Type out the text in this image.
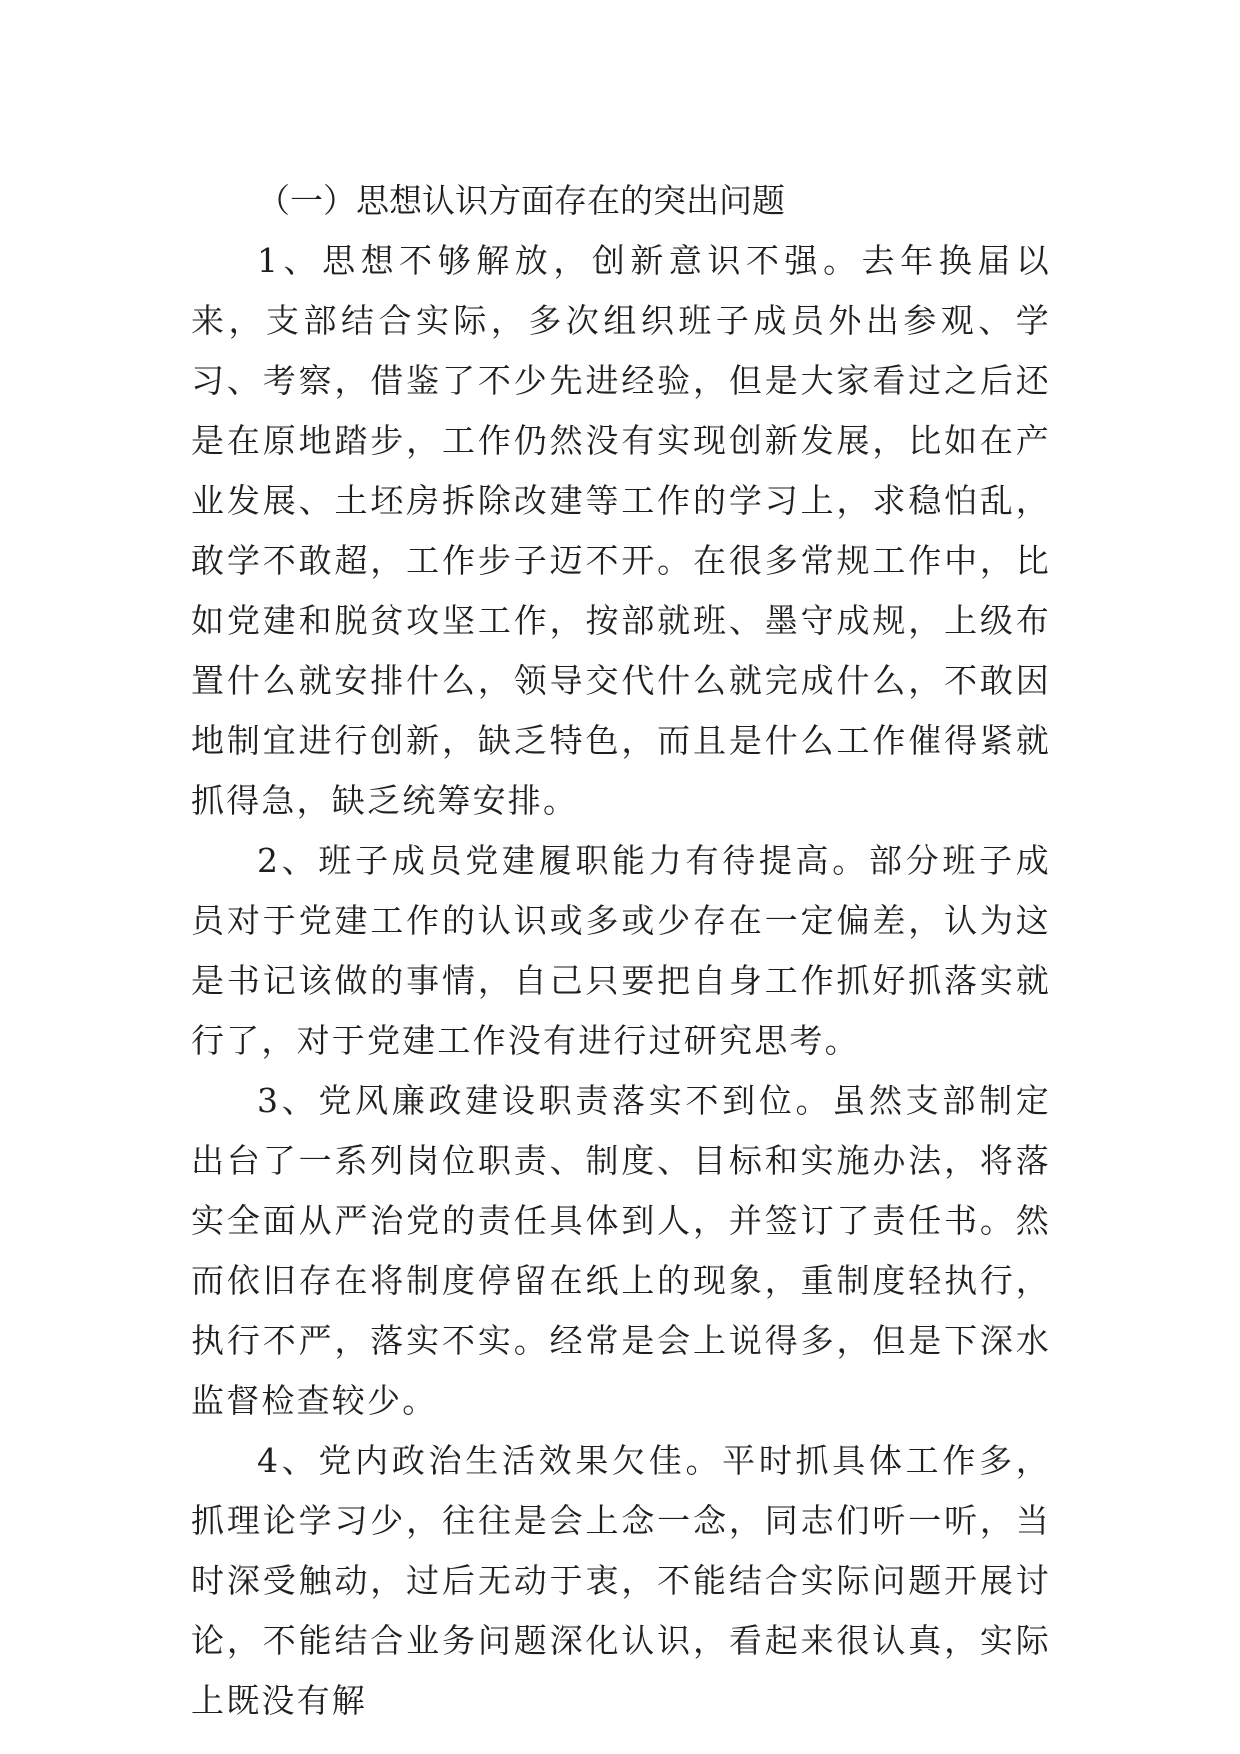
（一）思想认识方面存在的突出问题

1、思想不够解放，创新意识不强。去年换届以来，支部结合实际，多次组织班子成员外出参观、学习、考察，借鉴了不少先进经验，但是大家看过之后还是在原地踏步，工作仍然没有实现创新发展，比如在产业发展、土坯房拆除改建等工作的学习上，求稳怕乱，敢学不敢超，工作步子迈不开。在很多常规工作中，比如党建和脱贫攻坚工作，按部就班、墨守成规，上级布置什么就安排什么，领导交代什么就完成什么，不敢因地制宜进行创新，缺乏特色，而且是什么工作催得紧就抓得急，缺乏统筹安排。

2、班子成员党建履职能力有待提高。部分班子成员对于党建工作的认识或多或少存在一定偏差，认为这是书记该做的事情，自己只要把自身工作抓好抓落实就行了，对于党建工作没有进行过研究思考。

3、党风廉政建设职责落实不到位。虽然支部制定出台了一系列岗位职责、制度、目标和实施办法，将落实全面从严治党的责任具体到人，并签订了责任书。然而依旧存在将制度停留在纸上的现象，重制度轻执行，执行不严，落实不实。经常是会上说得多，但是下深水监督检查较少。

4、党内政治生活效果欠佳。平时抓具体工作多，抓理论学习少，往往是会上念一念，同志们听一听，当时深受触动，过后无动于衷，不能结合实际问题开展讨论，不能结合业务问题深化认识，看起来很认真，实际上既没有解
